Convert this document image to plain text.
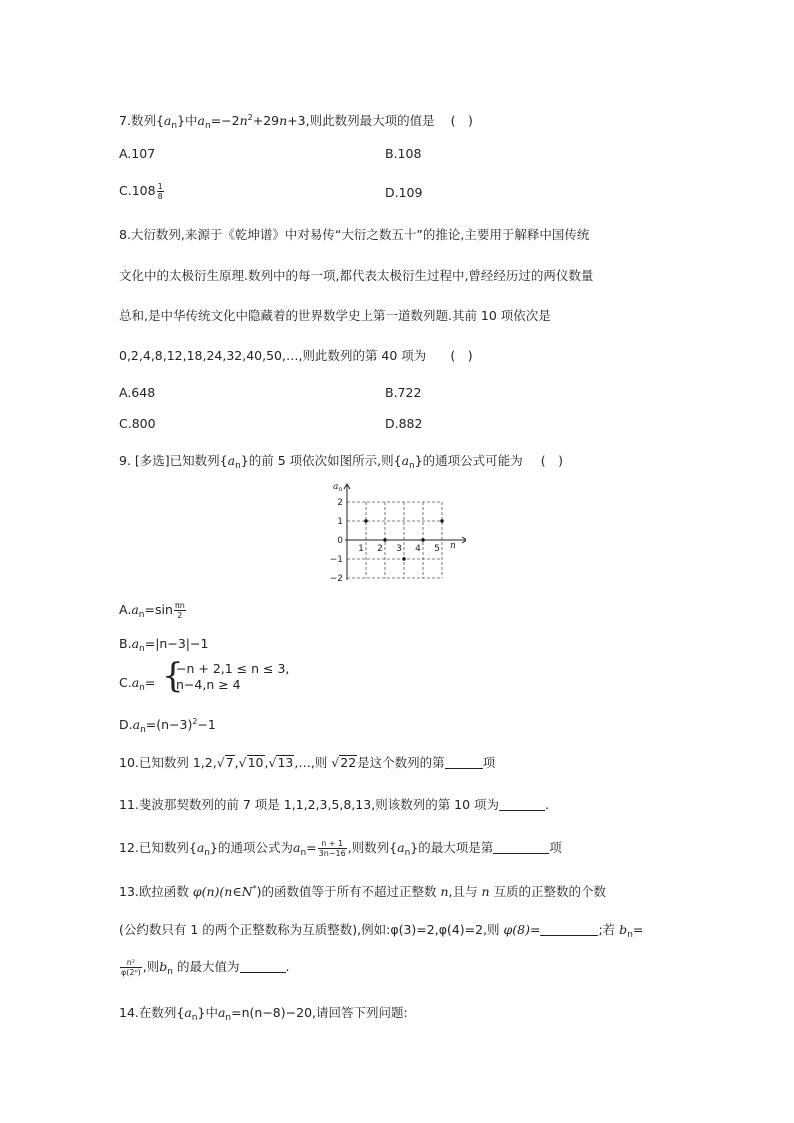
7.数列$\{a_n\}$中$a_n=-2n^2+29n+3$,则此数列最大项的值是 (　)
A.107	B.108
$C.108 \frac{1}{8}$	D.109
8.大衍数列,来源于《乾坤谱》中对易传“大衍之数五十”的推论,主要用于解释中国传统
文化中的太极衍生原理.数列中的每一项,都代表太极衍生过程中,曾经经历过的两仪数量
总和,是中华传统文化中隐藏着的世界数学史上第一道数列题.其前 10 项依次是
0,2,4,8,12,18,24,32,40,50,…,则此数列的第 40 项为 (　)
A.648	B.722
C.800	D.882
9. [多选]已知数列$\{a_n\}$的前 5 项依次如图所示,则$\{a_n\}$的通项公式可能为 (　)
2
1
0
−1
−2
1 2 3 4 5
$a_n$
n
$A.a_n=\sin \frac{\pi n}{2}$
$B.a_n=|n-3|-1$
$C.a_n=$ {
−n + 2,1 ≤ n ≤ 3,
n−4,n ≥ 4
$D.a_n=(n-3)^2-1$
10.已知数列 1,2,√7,√10,√13,…,则 √22是这个数列的第	项
11.斐波那契数列的前 7 项是 1,1,2,3,5,8,13,则该数列的第 10 项为	.
12.已知数列$\{a_n\}$的通项公式为$a_n= \frac{n + 1}{3n-16}$ ,则数列$\{a_n\}$的最大项是第	项
13.欧拉函数 φ(n)(n∈N*)的函数值等于所有不超过正整数 n,且与 n 互质的正整数的个数
(公约数只有 1 的两个正整数称为互质整数),例如:φ(3)=2,φ(4)=2,则 φ(8)=	;若 $b_n=$
$\frac{\text{n²}}{\text{φ(2ⁿ)}}$ ,则$b_n$ 的最大值为	.
14.在数列$\{a_n\}$中$a_n=n(n-8)-20$,请回答下列问题:
